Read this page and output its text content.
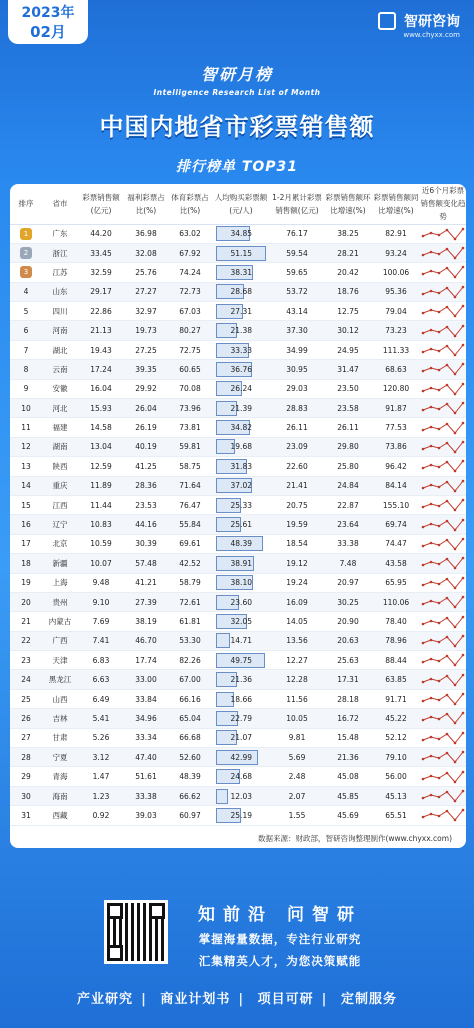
2023年
02月
智研咨询
www.chyxx.com
智研月榜
Intelligence Research List of Month
中国内地省市彩票销售额
排行榜单 TOP31
排序	省市	彩票销售额(亿元)	福利彩票占比(%)	体育彩票占比(%)	人均购买彩票额(元/人)	1-2月累计彩票销售额(亿元)	彩票销售额环比增速(%)	彩票销售额同比增速(%)	近6个月彩票销售额变化趋势
1	广东	44.20	36.98	63.02	34.85	76.17	38.25	82.91	

2	浙江	33.45	32.08	67.92	51.15	59.54	28.21	93.24	

3	江苏	32.59	25.76	74.24	38.31	59.65	20.42	100.06	

4	山东	29.17	27.27	72.73	28.68	53.72	18.76	95.36	

5	四川	22.86	32.97	67.03	27.31	43.14	12.75	79.04	

6	河南	21.13	19.73	80.27	21.38	37.30	30.12	73.23	

7	湖北	19.43	27.25	72.75	33.33	34.99	24.95	111.33	

8	云南	17.24	39.35	60.65	36.76	30.95	31.47	68.63	

9	安徽	16.04	29.92	70.08	26.24	29.03	23.50	120.80	

10	河北	15.93	26.04	73.96	21.39	28.83	23.58	91.87	

11	福建	14.58	26.19	73.81	34.82	26.11	26.11	77.53	

12	湖南	13.04	40.19	59.81	19.68	23.09	29.80	73.86	

13	陕西	12.59	41.25	58.75	31.83	22.60	25.80	96.42	

14	重庆	11.89	28.36	71.64	37.02	21.41	24.84	84.14	

15	江西	11.44	23.53	76.47	25.33	20.75	22.87	155.10	

16	辽宁	10.83	44.16	55.84	25.61	19.59	23.64	69.74	

17	北京	10.59	30.39	69.61	48.39	18.54	33.38	74.47	

18	新疆	10.07	57.48	42.52	38.91	19.12	7.48	43.58	

19	上海	9.48	41.21	58.79	38.10	19.24	20.97	65.95	

20	贵州	9.10	27.39	72.61	23.60	16.09	30.25	110.06	

21	内蒙古	7.69	38.19	61.81	32.05	14.05	20.90	78.40	

22	广西	7.41	46.70	53.30	14.71	13.56	20.63	78.96	

23	天津	6.83	17.74	82.26	49.75	12.27	25.63	88.44	

24	黑龙江	6.63	33.00	67.00	21.36	12.28	17.31	63.85	

25	山西	6.49	33.84	66.16	18.66	11.56	28.18	91.71	

26	吉林	5.41	34.96	65.04	22.79	10.05	16.72	45.22	

27	甘肃	5.26	33.34	66.68	21.07	9.81	15.48	52.12	

28	宁夏	3.12	47.40	52.60	42.99	5.69	21.36	79.10	

29	青海	1.47	51.61	48.39	24.68	2.48	45.08	56.00	

30	海南	1.23	33.38	66.62	12.03	2.07	45.85	45.13	

31	西藏	0.92	39.03	60.97	25.19	1.55	45.69	65.51	
数据来源：财政部，智研咨询整理制作(www.chyxx.com)
知前沿 问智研
掌握海量数据，专注行业研究
汇集精英人才，为您决策赋能
产业研究 | 商业计划书 | 项目可研 | 定制服务
